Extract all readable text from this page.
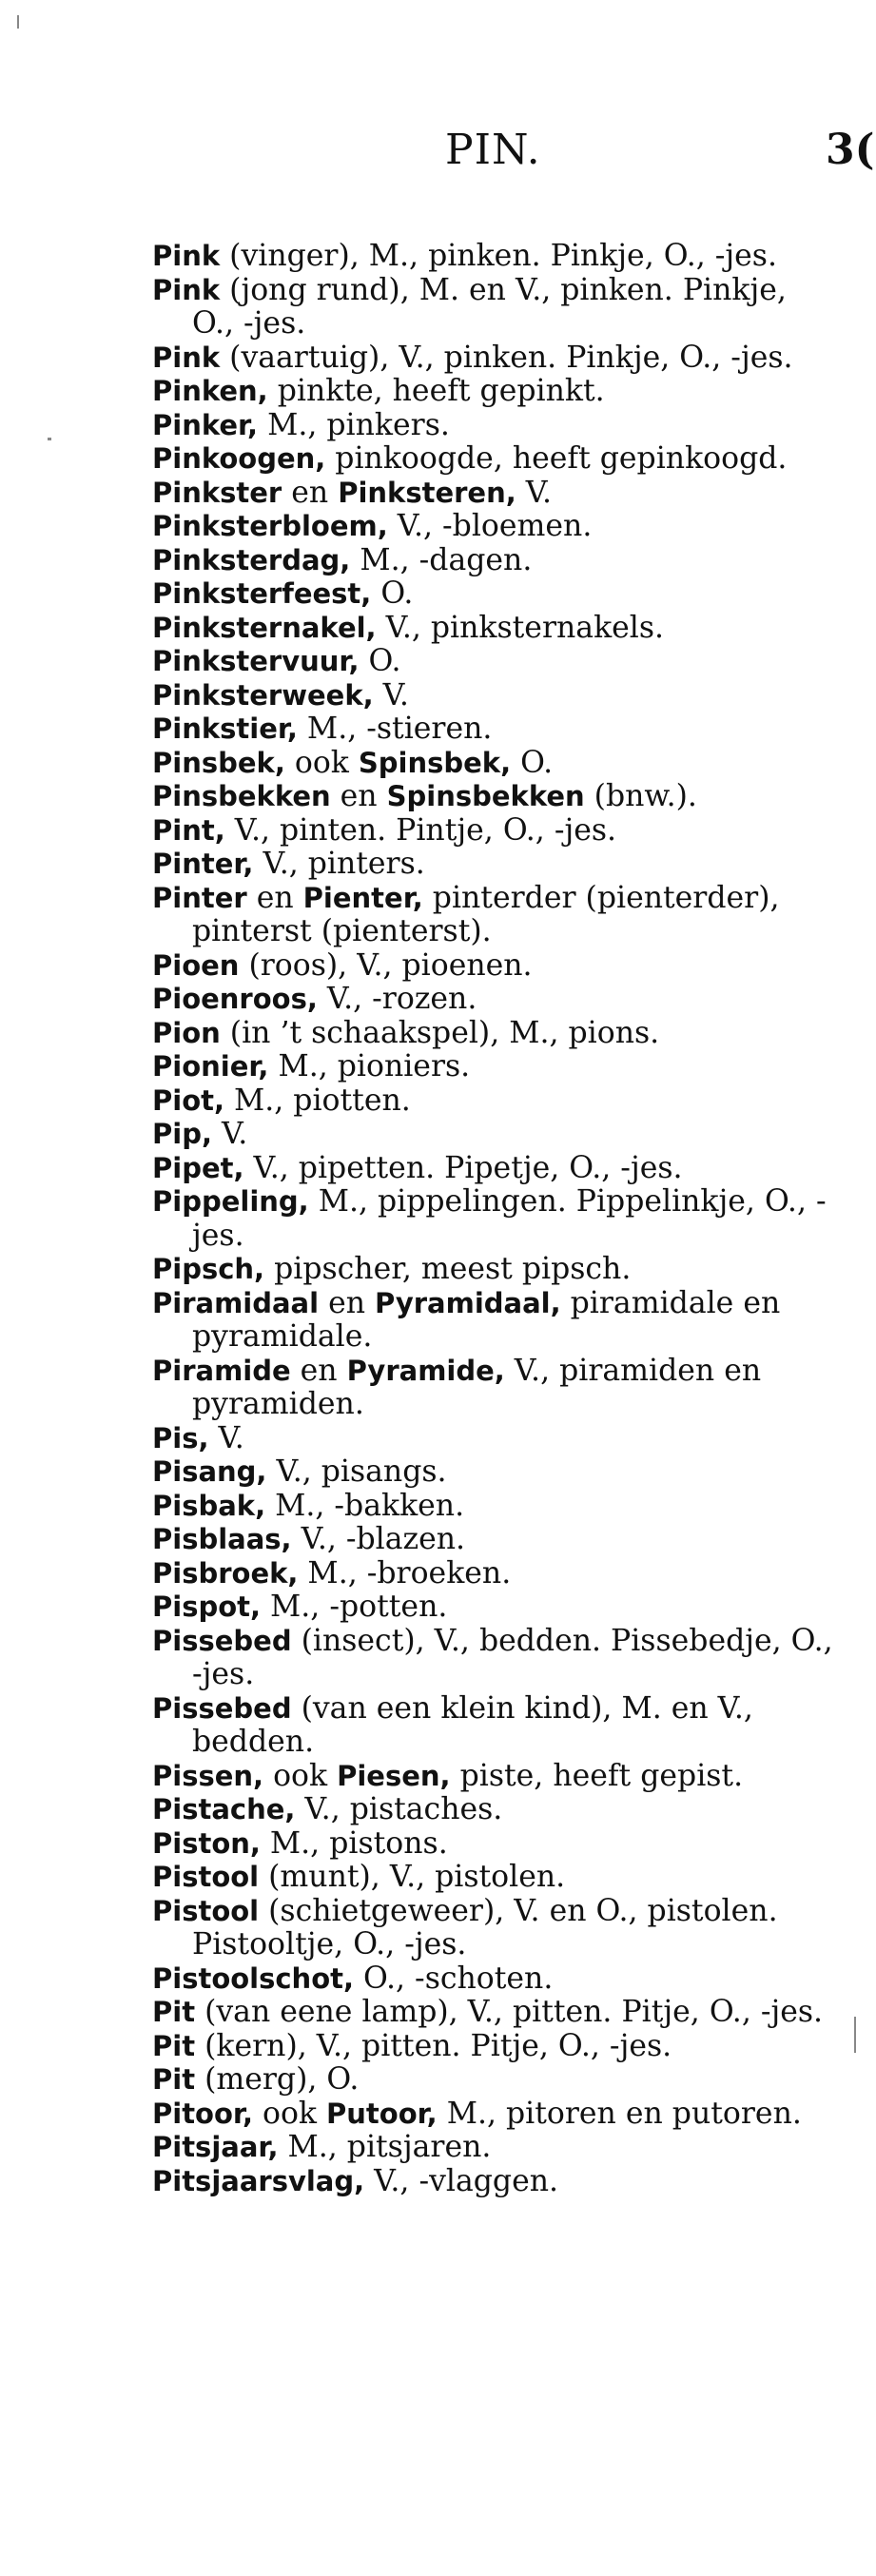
PIN.	3(
Pink (vinger), M., pinken. Pinkje, O., -jes.
Pink (jong rund), M. en V., pinken. Pinkje, O., -jes.
Pink (vaartuig), V., pinken. Pinkje, O., -jes.
Pinken, pinkte, heeft gepinkt.
Pinker, M., pinkers.
Pinkoogen, pinkoogde, heeft gepinkoogd.
Pinkster en Pinksteren, V.
Pinksterbloem, V., -bloemen.
Pinksterdag, M., -dagen.
Pinksterfeest, O.
Pinksternakel, V., pinksternakels.
Pinkstervuur, O.
Pinksterweek, V.
Pinkstier, M., -stieren.
Pinsbek, ook Spinsbek, O.
Pinsbekken en Spinsbekken (bnw.).
Pint, V., pinten. Pintje, O., -jes.
Pinter, V., pinters.
Pinter en Pienter, pinterder (pienterder), pinterst (pienterst).
Pioen (roos), V., pioenen.
Pioenroos, V., -rozen.
Pion (in ’t schaakspel), M., pions.
Pionier, M., pioniers.
Piot, M., piotten.
Pip, V.
Pipet, V., pipetten. Pipetje, O., -jes.
Pippeling, M., pippelingen. Pippelinkje, O., -jes.
Pipsch, pipscher, meest pipsch.
Piramidaal en Pyramidaal, piramidale en pyramidale.
Piramide en Pyramide, V., piramiden en pyramiden.
Pis, V.
Pisang, V., pisangs.
Pisbak, M., -bakken.
Pisblaas, V., -blazen.
Pisbroek, M., -broeken.
Pispot, M., -potten.
Pissebed (insect), V., bedden. Pissebedje, O., -jes.
Pissebed (van een klein kind), M. en V., bedden.
Pissen, ook Piesen, piste, heeft gepist.
Pistache, V., pistaches.
Piston, M., pistons.
Pistool (munt), V., pistolen.
Pistool (schietgeweer), V. en O., pistolen. Pistooltje, O., -jes.
Pistoolschot, O., -schoten.
Pit (van eene lamp), V., pitten. Pitje, O., -jes.
Pit (kern), V., pitten. Pitje, O., -jes.
Pit (merg), O.
Pitoor, ook Putoor, M., pitoren en putoren.
Pitsjaar, M., pitsjaren.
Pitsjaarsvlag, V., -vlaggen.
